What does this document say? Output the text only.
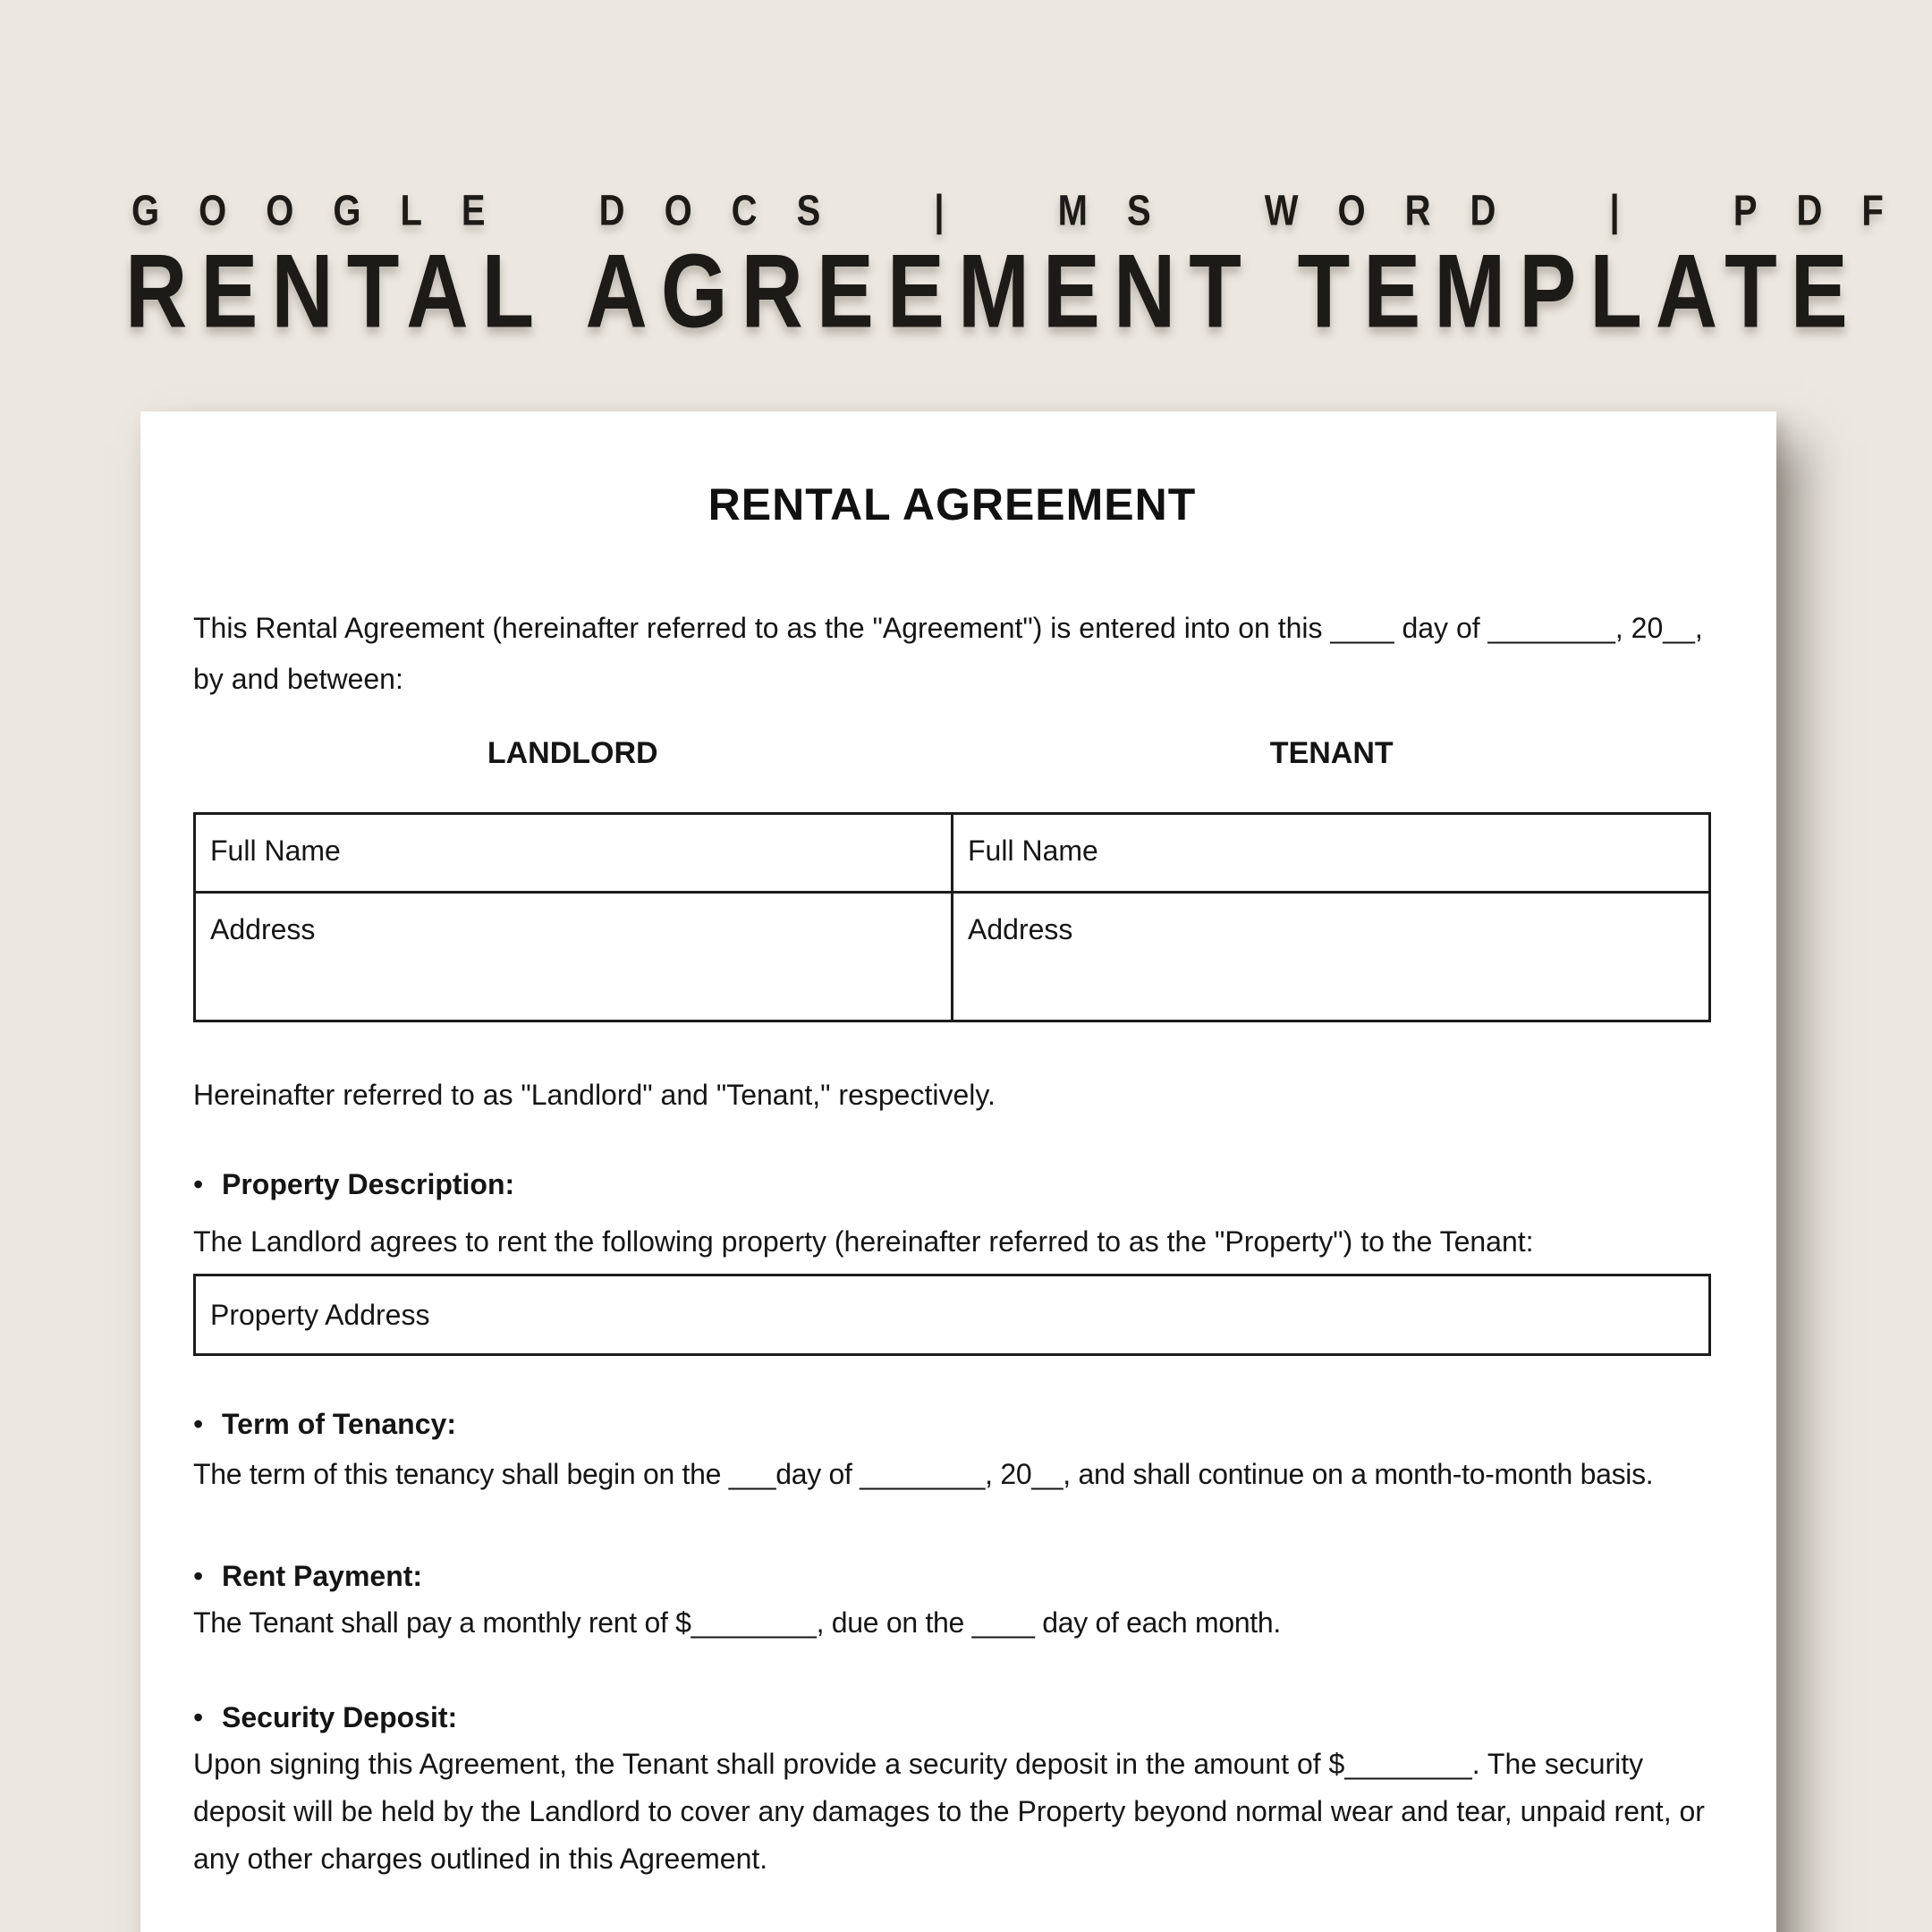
GOOGLE DOCS | MS WORD | PDF
RENTAL AGREEMENT TEMPLATE
RENTAL AGREEMENT

This Rental Agreement (hereinafter referred to as the "Agreement") is entered into on this ____ day of ________, 20__, by and between:

LANDLORD	TENANT
Full Name	Full Name
Address	Address

Hereinafter referred to as "Landlord" and "Tenant," respectively.

• Property Description:

The Landlord agrees to rent the following property (hereinafter referred to as the "Property") to the Tenant:

Property Address
• Term of Tenancy:

The term of this tenancy shall begin on the ___day of ________, 20__, and shall continue on a month-to-month basis.

• Rent Payment:

The Tenant shall pay a monthly rent of $________, due on the ____ day of each month.

• Security Deposit:

Upon signing this Agreement, the Tenant shall provide a security deposit in the amount of $________. The security deposit will be held by the Landlord to cover any damages to the Property beyond normal wear and tear, unpaid rent, or any other charges outlined in this Agreement.
